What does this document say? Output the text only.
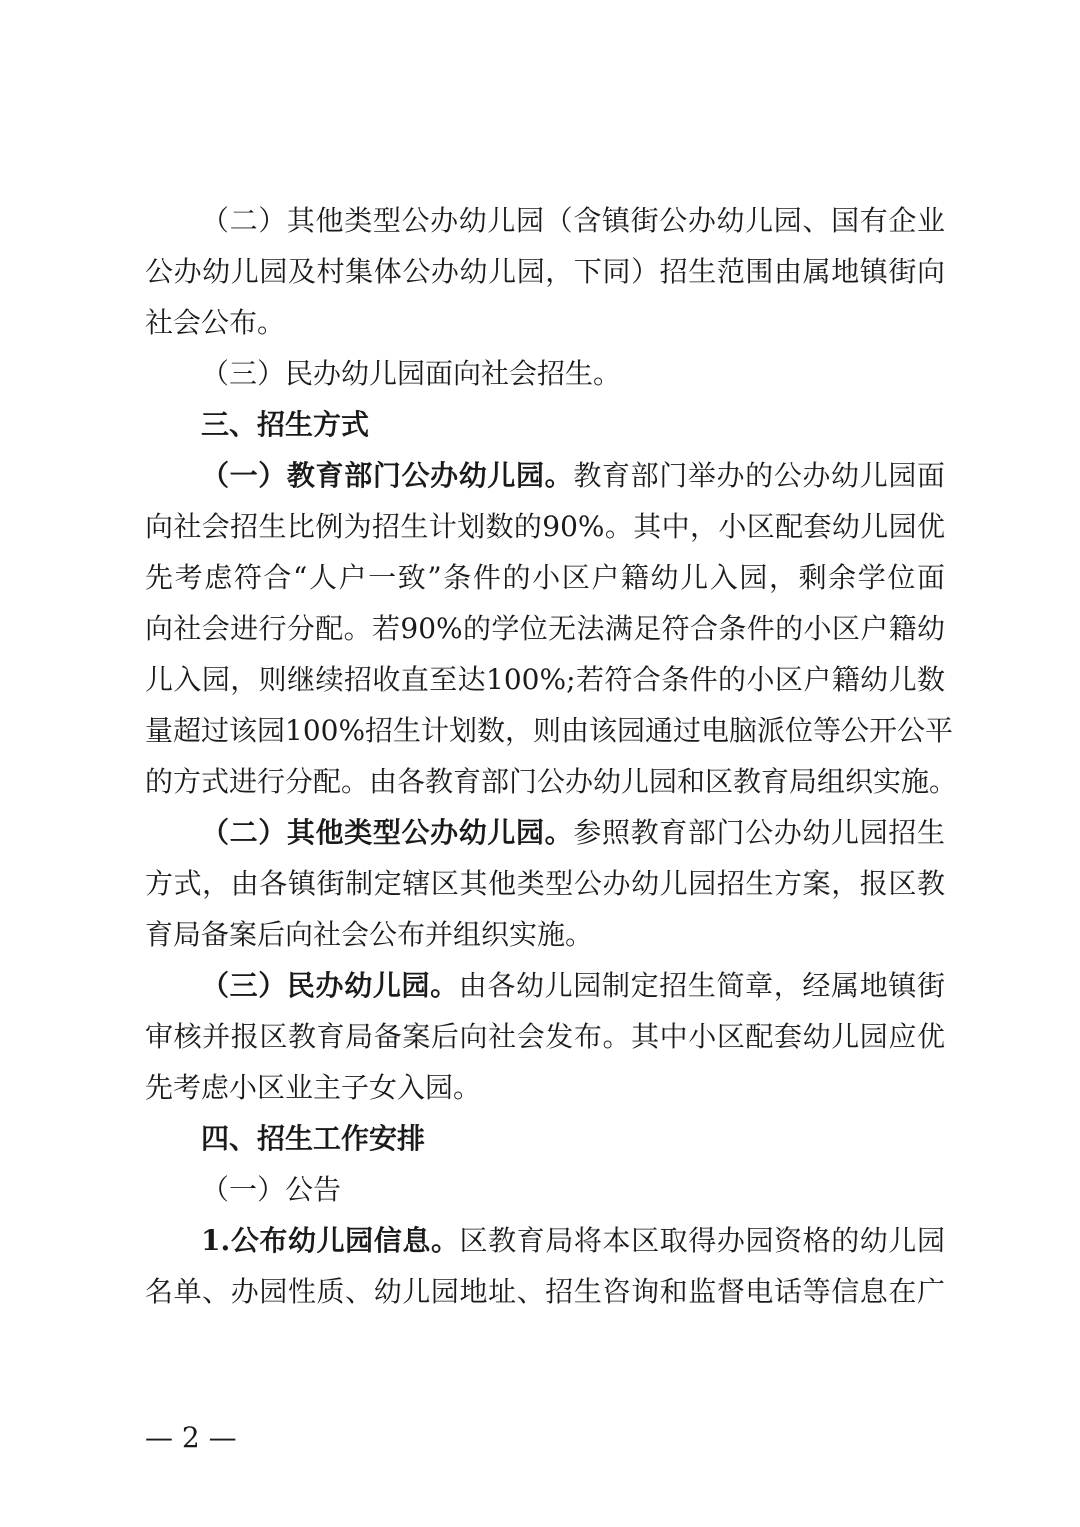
（二）其他类型公办幼儿园（含镇街公办幼儿园、国有企业
公办幼儿园及村集体公办幼儿园，下同）招生范围由属地镇街向
社会公布。
（三）民办幼儿园面向社会招生。
三、招生方式
（一）教育部门公办幼儿园。教育部门举办的公办幼儿园面
向社会招生比例为招生计划数的90%。其中，小区配套幼儿园优
先考虑符合“人户一致”条件的小区户籍幼儿入园，剩余学位面
向社会进行分配。若90%的学位无法满足符合条件的小区户籍幼
儿入园，则继续招收直至达100%;若符合条件的小区户籍幼儿数
量超过该园100%招生计划数，则由该园通过电脑派位等公开公平
的方式进行分配。由各教育部门公办幼儿园和区教育局组织实施。
（二）其他类型公办幼儿园。参照教育部门公办幼儿园招生
方式，由各镇街制定辖区其他类型公办幼儿园招生方案，报区教
育局备案后向社会公布并组织实施。
（三）民办幼儿园。由各幼儿园制定招生简章，经属地镇街
审核并报区教育局备案后向社会发布。其中小区配套幼儿园应优
先考虑小区业主子女入园。
四、招生工作安排
（一）公告
1.公布幼儿园信息。区教育局将本区取得办园资格的幼儿园
名单、办园性质、幼儿园地址、招生咨询和监督电话等信息在广
— 2 —
